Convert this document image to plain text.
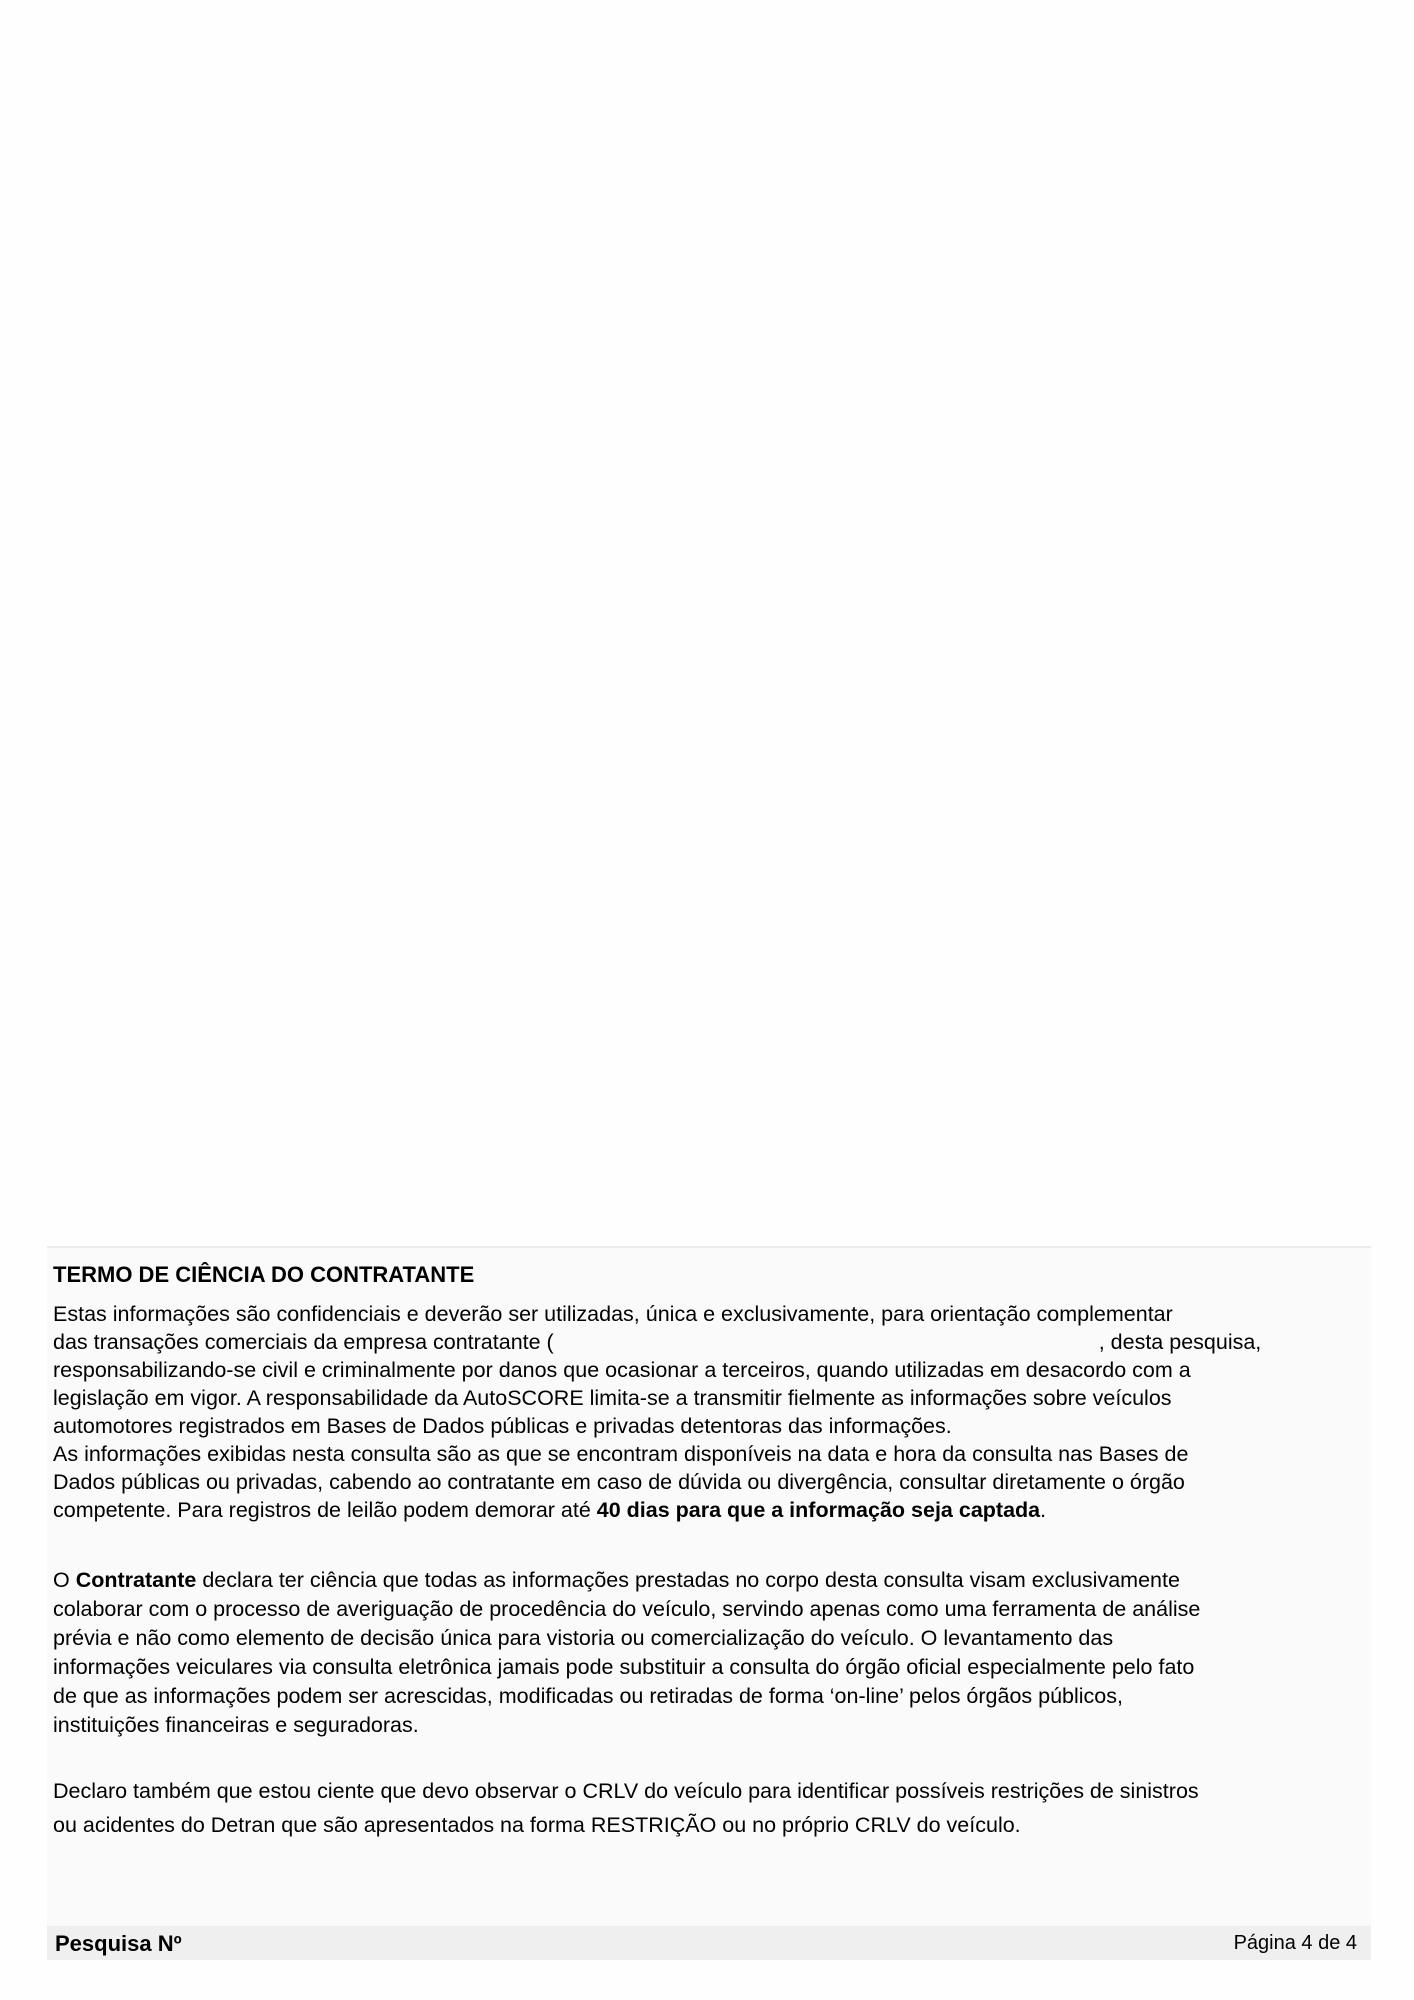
TERMO DE CIÊNCIA DO CONTRATANTE
Estas informações são confidenciais e deverão ser utilizadas, única e exclusivamente, para orientação complementar
das transações comerciais da empresa contratante (	, desta pesquisa,
responsabilizando-se civil e criminalmente por danos que ocasionar a terceiros, quando utilizadas em desacordo com a
legislação em vigor. A responsabilidade da AutoSCORE limita-se a transmitir fielmente as informações sobre veículos
automotores registrados em Bases de Dados públicas e privadas detentoras das informações.
As informações exibidas nesta consulta são as que se encontram disponíveis na data e hora da consulta nas Bases de
Dados públicas ou privadas, cabendo ao contratante em caso de dúvida ou divergência, consultar diretamente o órgão
competente. Para registros de leilão podem demorar até 40 dias para que a informação seja captada.
O Contratante declara ter ciência que todas as informações prestadas no corpo desta consulta visam exclusivamente
colaborar com o processo de averiguação de procedência do veículo, servindo apenas como uma ferramenta de análise
prévia e não como elemento de decisão única para vistoria ou comercialização do veículo. O levantamento das
informações veiculares via consulta eletrônica jamais pode substituir a consulta do órgão oficial especialmente pelo fato
de que as informações podem ser acrescidas, modificadas ou retiradas de forma ‘on-line’ pelos órgãos públicos,
instituições financeiras e seguradoras.
Declaro também que estou ciente que devo observar o CRLV do veículo para identificar possíveis restrições de sinistros
ou acidentes do Detran que são apresentados na forma RESTRIÇÃO ou no próprio CRLV do veículo.
Pesquisa Nº	Página 4 de 4
